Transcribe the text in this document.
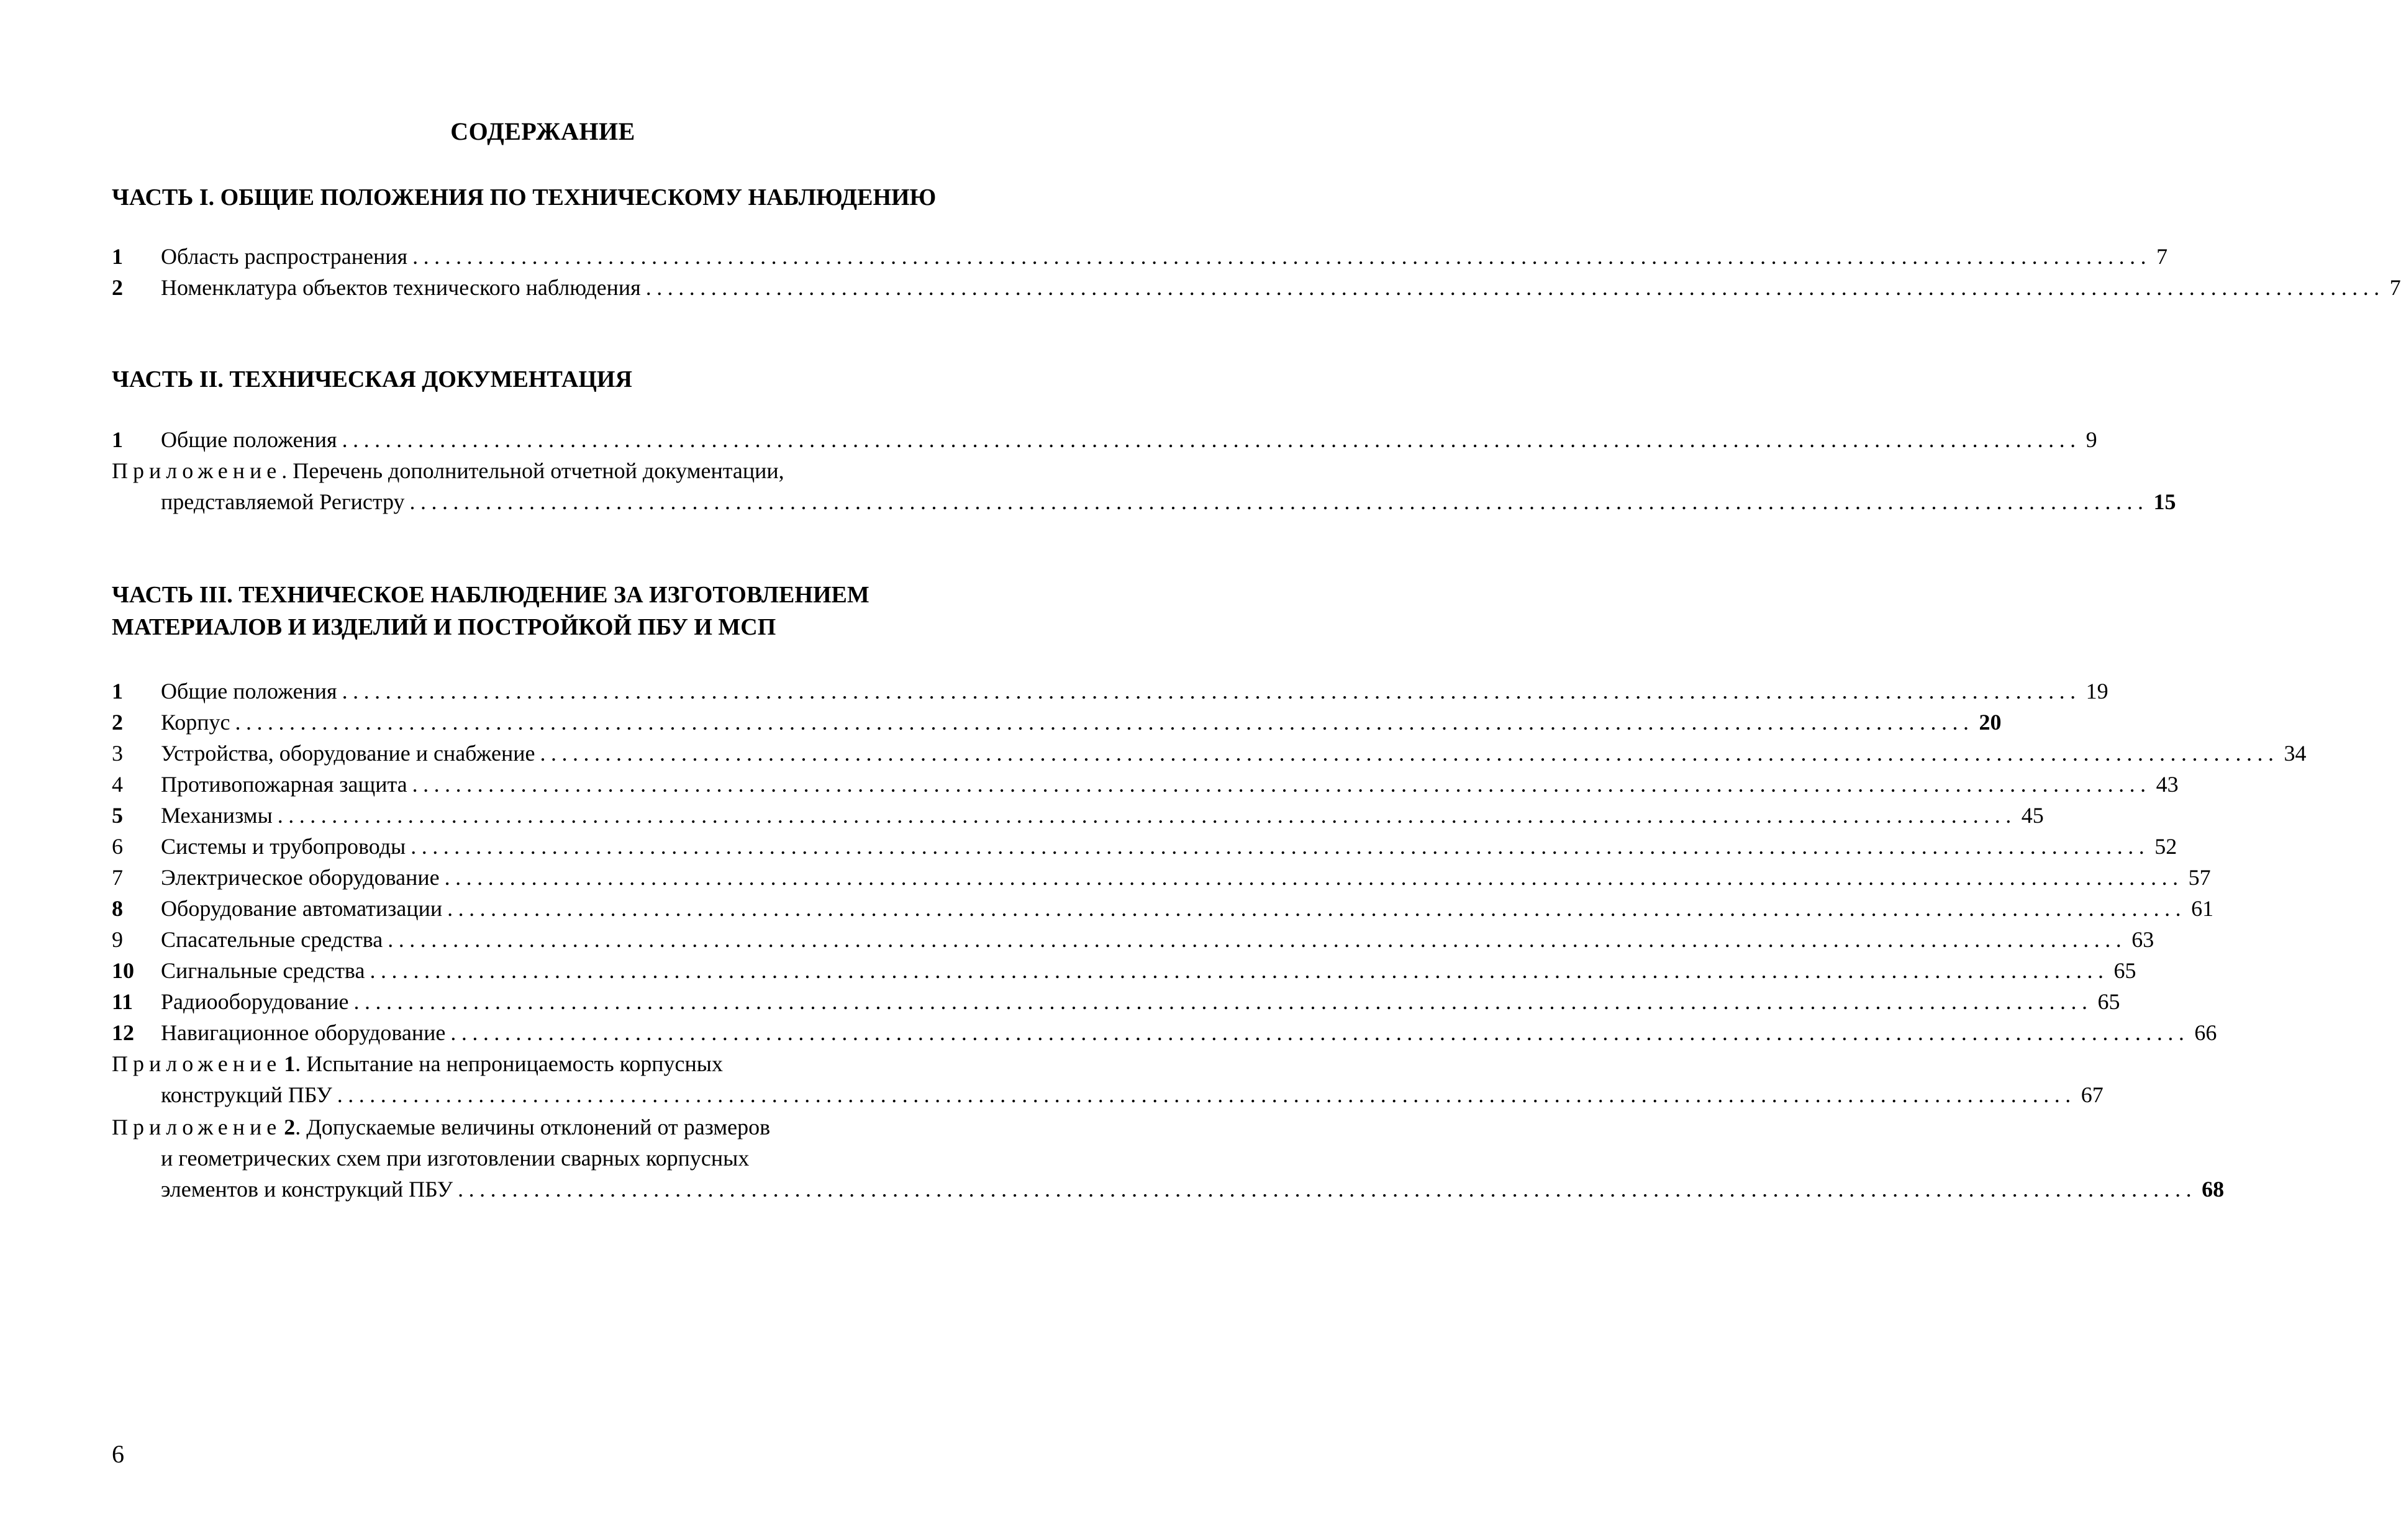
СОДЕРЖАНИЕ
ЧАСТЬ I. ОБЩИЕ ПОЛОЖЕНИЯ ПО ТЕХНИЧЕСКОМУ НАБЛЮДЕНИЮ
1 Область распространения ................................................................................................................................................................ 7
2 Номенклатура объектов технического наблюдения ................................................................................................................................................................ 7
ЧАСТЬ II. ТЕХНИЧЕСКАЯ ДОКУМЕНТАЦИЯ
1 Общие положения ................................................................................................................................................................ 9
Приложение. Перечень дополнительной отчетной документации,
представляемой Регистру ................................................................................................................................................................ 15
ЧАСТЬ III. ТЕХНИЧЕСКОЕ НАБЛЮДЕНИЕ ЗА ИЗГОТОВЛЕНИЕМ
МАТЕРИАЛОВ И ИЗДЕЛИЙ И ПОСТРОЙКОЙ ПБУ И МСП
1 Общие положения ................................................................................................................................................................ 19
2 Корпус ................................................................................................................................................................ 20
3 Устройства, оборудование и снабжение ................................................................................................................................................................ 34
4 Противопожарная защита ................................................................................................................................................................ 43
5 Механизмы ................................................................................................................................................................ 45
6 Системы и трубопроводы ................................................................................................................................................................ 52
7 Электрическое оборудование ................................................................................................................................................................ 57
8 Оборудование автоматизации ................................................................................................................................................................ 61
9 Спасательные средства ................................................................................................................................................................ 63
10 Сигнальные средства ................................................................................................................................................................ 65
11 Радиооборудование ................................................................................................................................................................ 65
12 Навигационное оборудование ................................................................................................................................................................ 66
Приложение 1. Испытание на непроницаемость корпусных
конструкций ПБУ ................................................................................................................................................................ 67
Приложение 2. Допускаемые величины отклонений от размеров
и геометрических схем при изготовлении сварных корпусных
элементов и конструкций ПБУ ................................................................................................................................................................ 68
6
